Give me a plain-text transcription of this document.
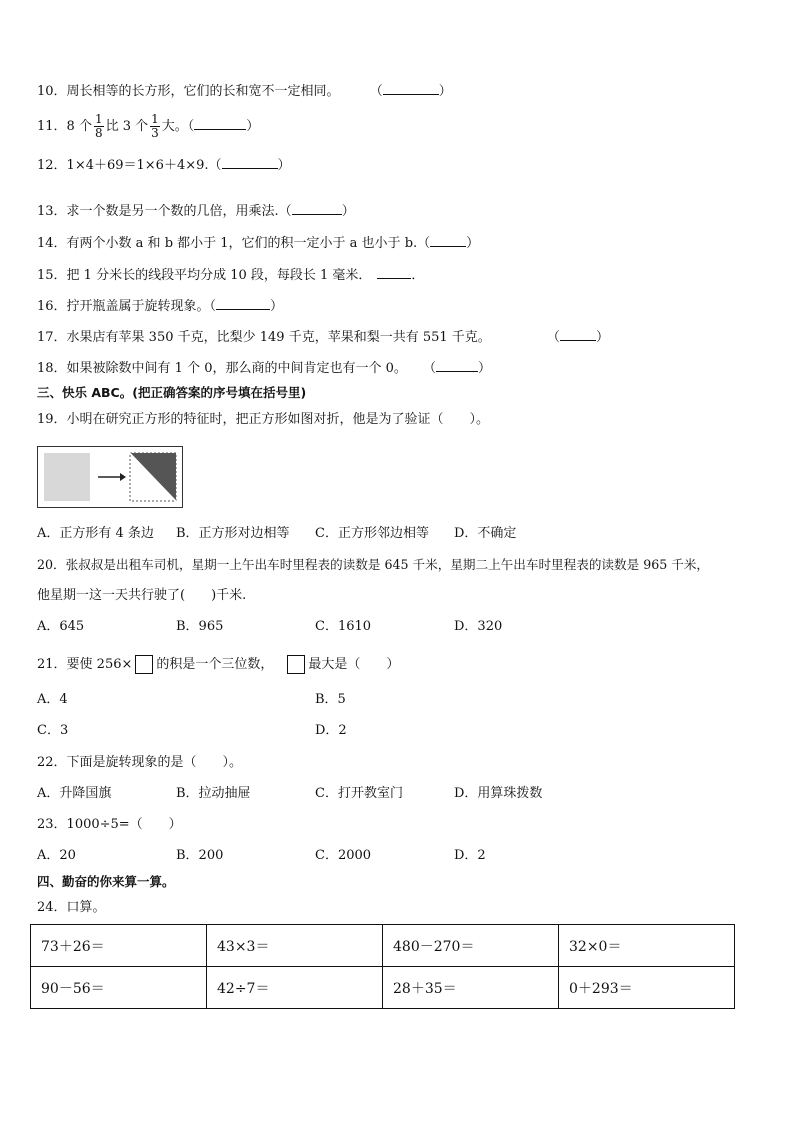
10．周长相等的长方形，它们的长和宽不一定相同。 （	）
11．8 个 $\frac{1}{8}$ 比 3 个 $\frac{1}{3}$ 大。（	）
12．1×4＋69＝1×6＋4×9.（	）
13．求一个数是另一个数的几倍，用乘法.（	）
14．有两个小数 a 和 b 都小于 1，它们的积一定小于 a 也小于 b.（	）
15．把 1 分米长的线段平均分成 10 段，每段长 1 毫米．	．
16．拧开瓶盖属于旋转现象。（	）
17．水果店有苹果 350 千克，比梨少 149 千克，苹果和梨一共有 551 千克。	（	）
18．如果被除数中间有 1 个 0，那么商的中间肯定也有一个 0。 （	）
三、快乐 ABC。(把正确答案的序号填在括号里)
19．小明在研究正方形的特征时，把正方形如图对折，他是为了验证（　　）。
A．正方形有 4 条边 B．正方形对边相等 C．正方形邻边相等 D．不确定
20．张叔叔是出租车司机，星期一上午出车时里程表的读数是 645 千米，星期二上午出车时里程表的读数是 965 千米，
他星期一这一天共行驶了(　　)千米.
A．645	B．965	C．1610	D．320
21．要使 256× 的积是一个三位数，	最大是（　　）
A．4	B．5
C．3	D．2
22．下面是旋转现象的是（　　）。
A．升降国旗	B．拉动抽屉	C．打开教室门	D．用算珠拨数
23．1000÷5=（　　）
A．20	B．200	C．2000	D．2
四、勤奋的你来算一算。
24．口算。
73＋26＝	43×3＝	480－270＝	32×0＝
90－56＝	42÷7＝	28＋35＝	0＋293＝
